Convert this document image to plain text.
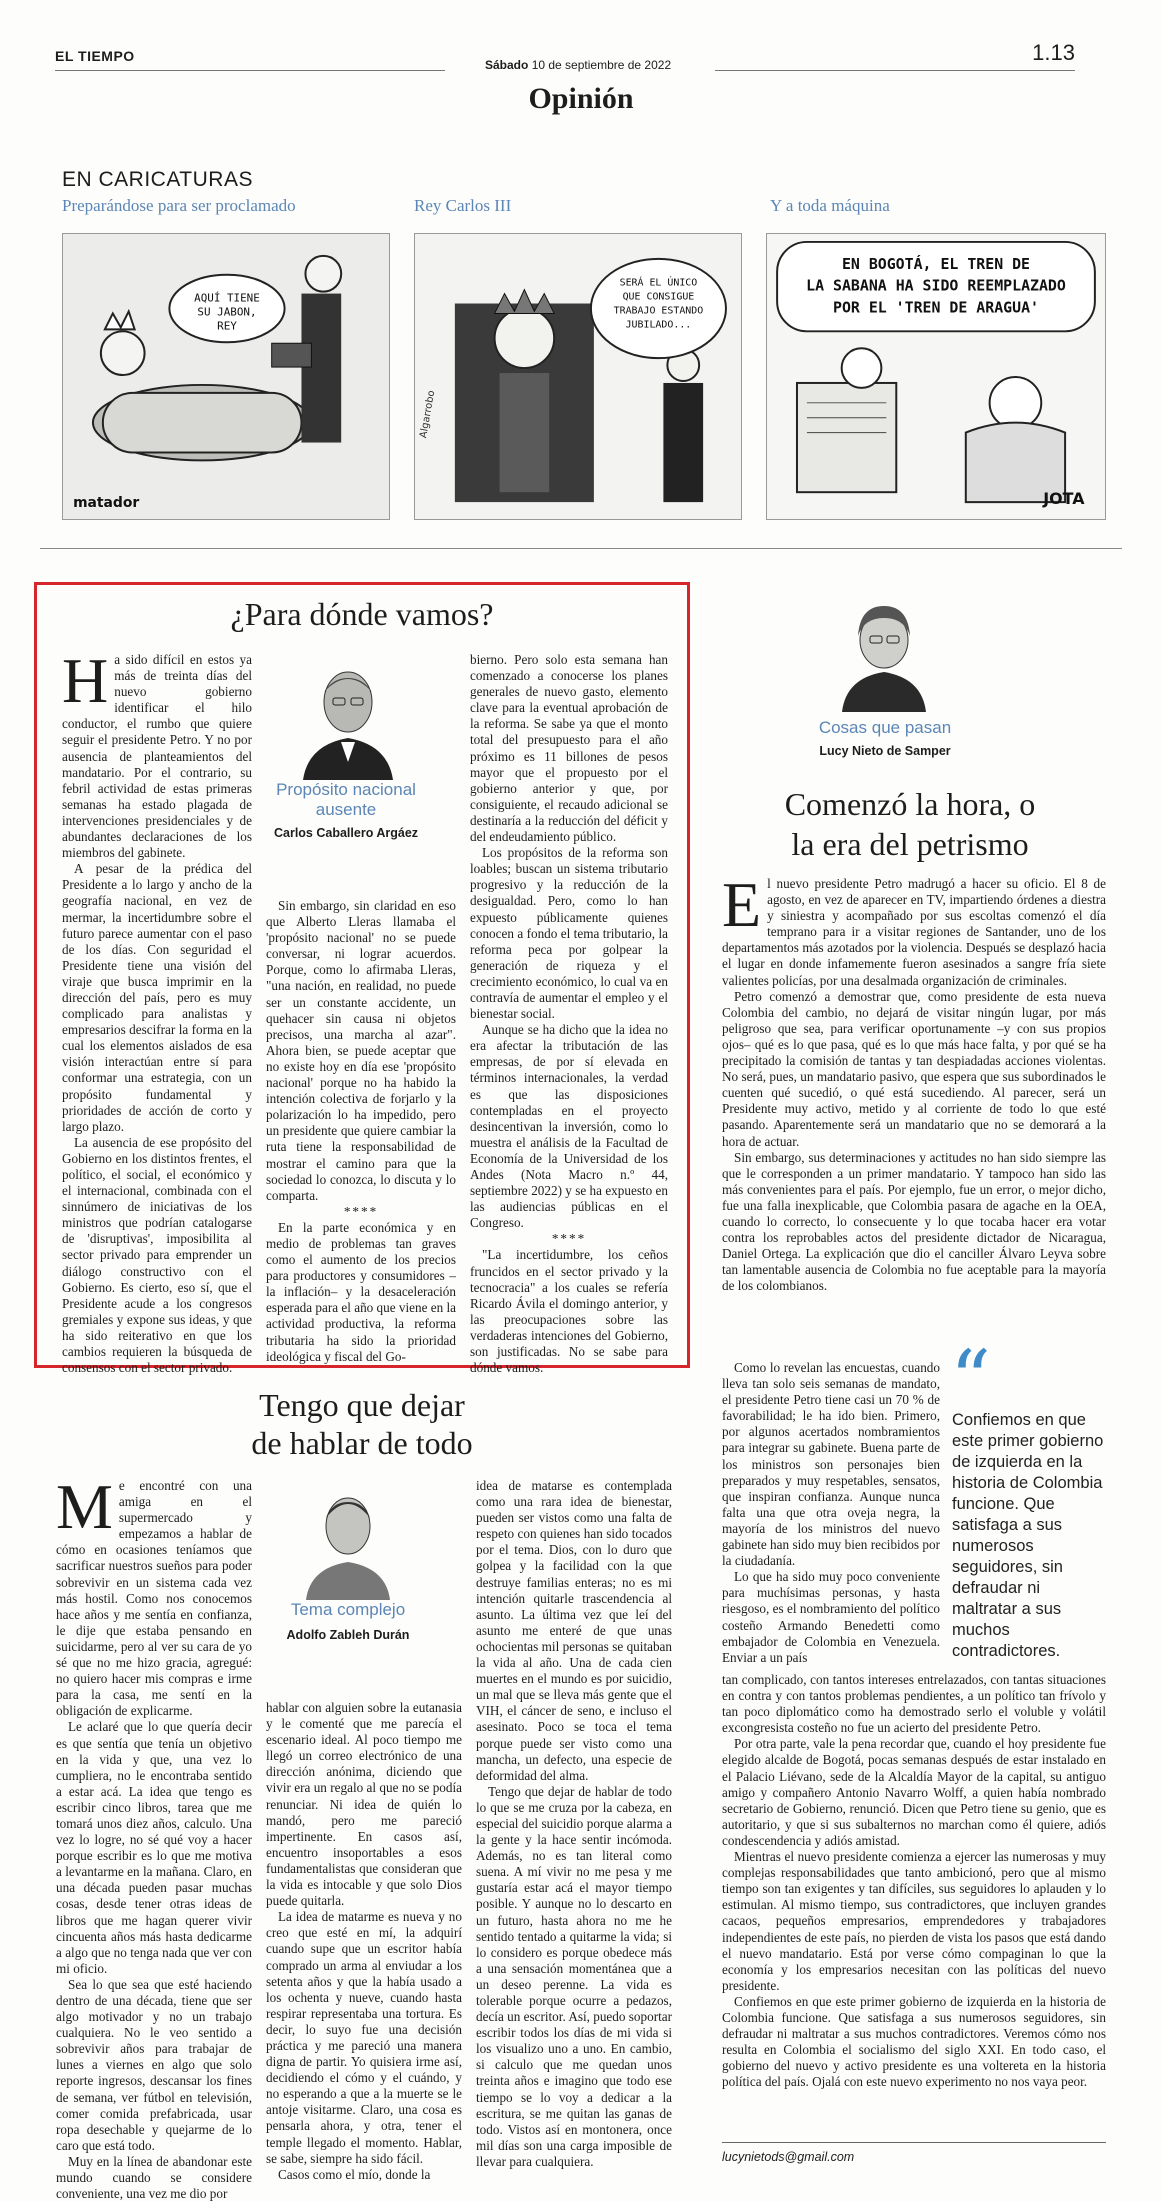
EL TIEMPO
Sábado 10 de septiembre de 2022	1.13
Opinión
EN CARICATURAS
Preparándose para ser proclamado	Rey Carlos III	Y a toda máquina
AQUÍ TIENE
SU JABON,
REY
matador
SERÁ EL ÚNICO
QUE CONSIGUE
TRABAJO ESTANDO
JUBILADO...
Algarrobo
EN BOGOTÁ, EL TREN DE
LA SABANA HA SIDO REEMPLAZADO
POR EL 'TREN DE ARAGUA'
JOTA
¿Para dónde vamos?

Ha sido difícil en estos ya más de treinta días del nuevo gobierno identificar el hilo conductor, el rumbo que quiere seguir el presidente Petro. Y no por ausencia de planteamientos del mandatario. Por el contrario, su febril actividad de estas primeras semanas ha estado plagada de intervenciones presidenciales y de abundantes declaraciones de los miembros del gabinete.

A pesar de la prédica del Presidente a lo largo y ancho de la geografía nacional, en vez de mermar, la incertidumbre sobre el futuro parece aumentar con el paso de los días. Con seguridad el Presidente tiene una visión del viraje que busca imprimir en la dirección del país, pero es muy complicado para analistas y empresarios descifrar la forma en la cual los elementos aislados de esa visión interactúan entre sí para conformar una estrategia, con un propósito fundamental y prioridades de acción de corto y largo plazo.

La ausencia de ese propósito del Gobierno en los distintos frentes, el político, el social, el económico y el internacional, combinada con el sinnúmero de iniciativas de los ministros que podrían catalogarse de 'disruptivas', imposibilita al sector privado para emprender un diálogo constructivo con el Gobierno. Es cierto, eso sí, que el Presidente acude a los congresos gremiales y expone sus ideas, y que ha sido reiterativo en que los cambios requieren la búsqueda de consensos con el sector privado.

Propósito nacional ausente
Carlos Caballero Argáez

Sin embargo, sin claridad en eso que Alberto Lleras llamaba el 'propósito nacional' no se puede conversar, ni lograr acuerdos. Porque, como lo afirmaba Lleras, "una nación, en realidad, no puede ser un constante accidente, un quehacer sin causa ni objetos precisos, una marcha al azar". Ahora bien, se puede aceptar que no existe hoy en día ese 'propósito nacional' porque no ha habido la intención colectiva de forjarlo y la polarización lo ha impedido, pero un presidente que quiere cambiar la ruta tiene la responsabilidad de mostrar el camino para que la sociedad lo conozca, lo discuta y lo comparta.

****

En la parte económica y en medio de problemas tan graves como el aumento de los precios para productores y consumidores –la inflación– y la desaceleración esperada para el año que viene en la actividad productiva, la reforma tributaria ha sido la prioridad ideológica y fiscal del Go-

bierno. Pero solo esta semana han comenzado a conocerse los planes generales de nuevo gasto, elemento clave para la eventual aprobación de la reforma. Se sabe ya que el monto total del presupuesto para el año próximo es 11 billones de pesos mayor que el propuesto por el gobierno anterior y que, por consiguiente, el recaudo adicional se destinaría a la reducción del déficit y del endeudamiento público.

Los propósitos de la reforma son loables; buscan un sistema tributario progresivo y la reducción de la desigualdad. Pero, como lo han expuesto públicamente quienes conocen a fondo el tema tributario, la reforma peca por golpear la generación de riqueza y el crecimiento económico, lo cual va en contravía de aumentar el empleo y el bienestar social.

Aunque se ha dicho que la idea no era afectar la tributación de las empresas, de por sí elevada en términos internacionales, la verdad es que las disposiciones contempladas en el proyecto desincentivan la inversión, como lo muestra el análisis de la Facultad de Economía de la Universidad de los Andes (Nota Macro n.º 44, septiembre 2022) y se ha expuesto en las audiencias públicas en el Congreso.

****

"La incertidumbre, los ceños fruncidos en el sector privado y la tecnocracia" a los cuales se refería Ricardo Ávila el domingo anterior, y las preocupaciones sobre las verdaderas intenciones del Gobierno, son justificadas. No se sabe para dónde vamos.

Tengo que dejar
de hablar de todo

Me encontré con una amiga en el supermercado y empezamos a hablar de cómo en ocasiones teníamos que sacrificar nuestros sueños para poder sobrevivir en un sistema cada vez más hostil. Como nos conocemos hace años y me sentía en confianza, le dije que estaba pensando en suicidarme, pero al ver su cara de yo sé que no me hizo gracia, agregué: no quiero hacer mis compras e irme para la casa, me sentí en la obligación de explicarme.

Le aclaré que lo que quería decir es que sentía que tenía un objetivo en la vida y que, una vez lo cumpliera, no le encontraba sentido a estar acá. La idea que tengo es escribir cinco libros, tarea que me tomará unos diez años, calculo. Una vez lo logre, no sé qué voy a hacer porque escribir es lo que me motiva a levantarme en la mañana. Claro, en una década pueden pasar muchas cosas, desde tener otras ideas de libros que me hagan querer vivir cincuenta años más hasta dedicarme a algo que no tenga nada que ver con mi oficio.

Sea lo que sea que esté haciendo dentro de una década, tiene que ser algo motivador y no un trabajo cualquiera. No le veo sentido a sobrevivir años para trabajar de lunes a viernes en algo que solo reporte ingresos, descansar los fines de semana, ver fútbol en televisión, comer comida prefabricada, usar ropa desechable y quejarme de lo caro que está todo.

Muy en la línea de abandonar este mundo cuando se considere conveniente, una vez me dio por

Tema complejo
Adolfo Zableh Durán

hablar con alguien sobre la eutanasia y le comenté que me parecía el escenario ideal. Al poco tiempo me llegó un correo electrónico de una dirección anónima, diciendo que vivir era un regalo al que no se podía renunciar. Ni idea de quién lo mandó, pero me pareció impertinente. En casos así, encuentro insoportables a esos fundamentalistas que consideran que la vida es intocable y que solo Dios puede quitarla.

La idea de matarme es nueva y no creo que esté en mí, la adquirí cuando supe que un escritor había comprado un arma al enviudar a los setenta años y que la había usado a los ochenta y nueve, cuando hasta respirar representaba una tortura. Es decir, lo suyo fue una decisión práctica y me pareció una manera digna de partir. Yo quisiera irme así, decidiendo el cómo y el cuándo, y no esperando a que a la muerte se le antoje visitarme. Claro, una cosa es pensarla ahora, y otra, tener el temple llegado el momento. Hablar, se sabe, siempre ha sido fácil.

Casos como el mío, donde la

idea de matarse es contemplada como una rara idea de bienestar, pueden ser vistos como una falta de respeto con quienes han sido tocados por el tema. Dios, con lo duro que golpea y la facilidad con la que destruye familias enteras; no es mi intención quitarle trascendencia al asunto. La última vez que leí del asunto me enteré de que unas ochocientas mil personas se quitaban la vida al año. Una de cada cien muertes en el mundo es por suicidio, un mal que se lleva más gente que el VIH, el cáncer de seno, e incluso el asesinato. Poco se toca el tema porque puede ser visto como una mancha, un defecto, una especie de deformidad del alma.

Tengo que dejar de hablar de todo lo que se me cruza por la cabeza, en especial del suicidio porque alarma a la gente y la hace sentir incómoda. Además, no es tan literal como suena. A mí vivir no me pesa y me gustaría estar acá el mayor tiempo posible. Y aunque no lo descarto en un futuro, hasta ahora no me he sentido tentado a quitarme la vida; si lo considero es porque obedece más a una sensación momentánea que a un deseo perenne. La vida es tolerable porque ocurre a pedazos, decía un escritor. Así, puedo soportar escribir todos los días de mi vida si los visualizo uno a uno. En cambio, si calculo que me quedan unos treinta años e imagino que todo ese tiempo se lo voy a dedicar a la escritura, se me quitan las ganas de todo. Vistos así en montonera, once mil días son una carga imposible de llevar para cualquiera.

Cosas que pasan
Lucy Nieto de Samper
Comenzó la hora, o
la era del petrismo

El nuevo presidente Petro madrugó a hacer su oficio. El 8 de agosto, en vez de aparecer en TV, impartiendo órdenes a diestra y siniestra y acompañado por sus escoltas comenzó el día temprano para ir a visitar regiones de Santander, uno de los departamentos más azotados por la violencia. Después se desplazó hacia el lugar en donde infamemente fueron asesinados a sangre fría siete valientes policías, por una desalmada organización de criminales.

Petro comenzó a demostrar que, como presidente de esta nueva Colombia del cambio, no dejará de visitar ningún lugar, por más peligroso que sea, para verificar oportunamente –y con sus propios ojos– qué es lo que pasa, qué es lo que más hace falta, y por qué se ha precipitado la comisión de tantas y tan despiadadas acciones violentas. No será, pues, un mandatario pasivo, que espera que sus subordinados le cuenten qué sucedió, o qué está sucediendo. Al parecer, será un Presidente muy activo, metido y al corriente de todo lo que esté pasando. Aparentemente será un mandatario que no se demorará a la hora de actuar.

Sin embargo, sus determinaciones y actitudes no han sido siempre las que le corresponden a un primer mandatario. Y tampoco han sido las más convenientes para el país. Por ejemplo, fue un error, o mejor dicho, fue una falla inexplicable, que Colombia pasara de agache en la OEA, cuando lo correcto, lo consecuente y lo que tocaba hacer era votar contra los reprobables actos del presidente dictador de Nicaragua, Daniel Ortega. La explicación que dio el canciller Álvaro Leyva sobre tan lamentable ausencia de Colombia no fue aceptable para la mayoría de los colombianos.

Como lo revelan las encuestas, cuando lleva tan solo seis semanas de mandato, el presidente Petro tiene casi un 70 % de favorabilidad; le ha ido bien. Primero, por algunos acertados nombramientos para integrar su gabinete. Buena parte de los ministros son personajes bien preparados y muy respetables, sensatos, que inspiran confianza. Aunque nunca falta una que otra oveja negra, la mayoría de los ministros del nuevo gabinete han sido muy bien recibidos por la ciudadanía.

Lo que ha sido muy poco conveniente para muchísimas personas, y hasta riesgoso, es el nombramiento del político costeño Armando Benedetti como embajador de Colombia en Venezuela. Enviar a un país

“
Confiemos en que este primer gobierno de izquierda en la historia de Colombia funcione. Que satisfaga a sus numerosos seguidores, sin defraudar ni maltratar a sus muchos contradictores.

tan complicado, con tantos intereses entrelazados, con tantas situaciones en contra y con tantos problemas pendientes, a un político tan frívolo y tan poco diplomático como ha demostrado serlo el voluble y volátil excongresista costeño no fue un acierto del presidente Petro.

Por otra parte, vale la pena recordar que, cuando el hoy presidente fue elegido alcalde de Bogotá, pocas semanas después de estar instalado en el Palacio Liévano, sede de la Alcaldía Mayor de la capital, su antiguo amigo y compañero Antonio Navarro Wolff, a quien había nombrado secretario de Gobierno, renunció. Dicen que Petro tiene su genio, que es autoritario, y que si sus subalternos no marchan como él quiere, adiós condescendencia y adiós amistad.

Mientras el nuevo presidente comienza a ejercer las numerosas y muy complejas responsabilidades que tanto ambicionó, pero que al mismo tiempo son tan exigentes y tan difíciles, sus seguidores lo aplauden y lo estimulan. Al mismo tiempo, sus contradictores, que incluyen grandes cacaos, pequeños empresarios, emprendedores y trabajadores independientes de este país, no pierden de vista los pasos que está dando el nuevo mandatario. Está por verse cómo compaginan lo que la economía y los empresarios necesitan con las políticas del nuevo presidente.

Confiemos en que este primer gobierno de izquierda en la historia de Colombia funcione. Que satisfaga a sus numerosos seguidores, sin defraudar ni maltratar a sus muchos contradictores. Veremos cómo nos resulta en Colombia el socialismo del siglo XXI. En todo caso, el gobierno del nuevo y activo presidente es una voltereta en la historia política del país. Ojalá con este nuevo experimento no nos vaya peor.

lucynietods@gmail.com
